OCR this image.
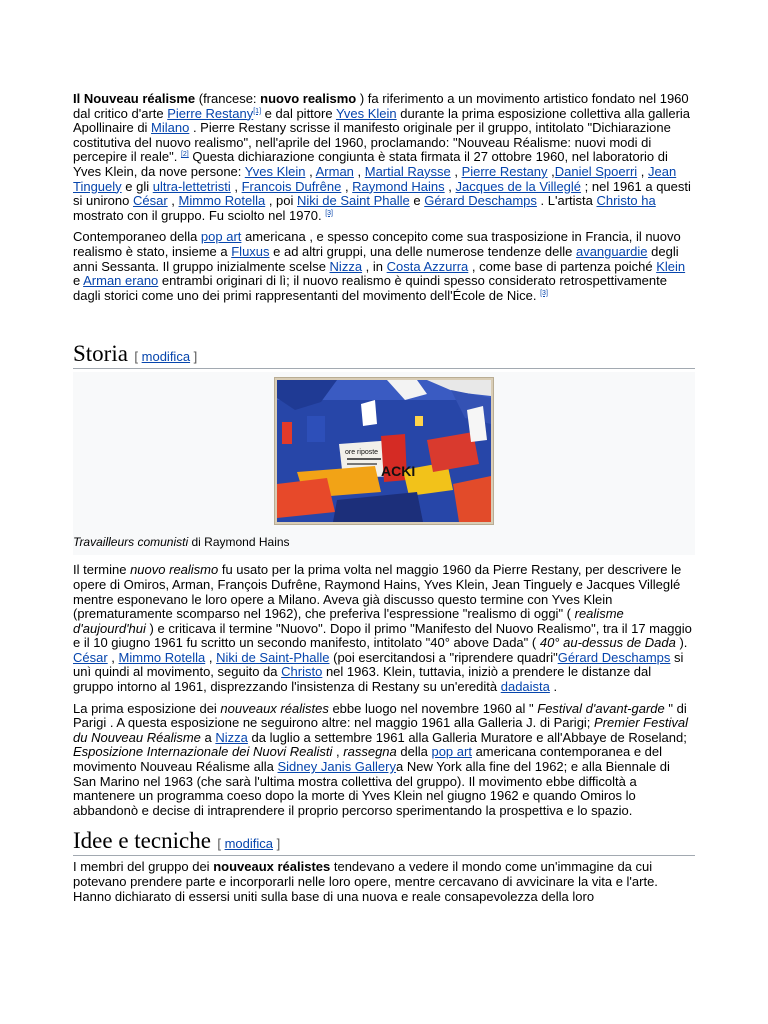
Il Nouveau réalisme (francese: nuovo realismo ) fa riferimento a un movimento artistico fondato nel 1960 dal critico d'arte Pierre Restany[1] e dal pittore Yves Klein durante la prima esposizione collettiva alla galleria Apollinaire di Milano . Pierre Restany scrisse il manifesto originale per il gruppo, intitolato "Dichiarazione costitutiva del nuovo realismo", nell'aprile del 1960, proclamando: "Nouveau Réalisme: nuovi modi di percepire il reale". [2] Questa dichiarazione congiunta è stata firmata il 27 ottobre 1960, nel laboratorio di Yves Klein, da nove persone: Yves Klein , Arman , Martial Raysse , Pierre Restany ,Daniel Spoerri , Jean Tinguely e gli ultra-lettetristi , Francois Dufrêne , Raymond Hains , Jacques de la Villeglé ; nel 1961 a questi si unirono César , Mimmo Rotella , poi Niki de Saint Phalle e Gérard Deschamps . L'artista Christo ha mostrato con il gruppo. Fu sciolto nel 1970. [3]

Contemporaneo della pop art americana , e spesso concepito come sua trasposizione in Francia, il nuovo realismo è stato, insieme a Fluxus e ad altri gruppi, una delle numerose tendenze delle avanguardie degli anni Sessanta. Il gruppo inizialmente scelse Nizza , in Costa Azzurra , come base di partenza poiché Klein e Arman erano entrambi originari di lì; il nuovo realismo è quindi spesso considerato retrospettivamente dagli storici come uno dei primi rappresentanti del movimento dell'École de Nice. [3]

Storia [ modifica ]
ACKI
ore riposte
Travailleurs comunisti di Raymond Hains

Il termine nuovo realismo fu usato per la prima volta nel maggio 1960 da Pierre Restany, per descrivere le opere di Omiros, Arman, François Dufrêne, Raymond Hains, Yves Klein, Jean Tinguely e Jacques Villeglé mentre esponevano le loro opere a Milano. Aveva già discusso questo termine con Yves Klein (prematuramente scomparso nel 1962), che preferiva l'espressione "realismo di oggi" ( realisme d'aujourd'hui ) e criticava il termine "Nuovo". Dopo il primo "Manifesto del Nuovo Realismo", tra il 17 maggio e il 10 giugno 1961 fu scritto un secondo manifesto, intitolato "40° above Dada" ( 40° au-dessus de Dada ). César , Mimmo Rotella , Niki de Saint-Phalle (poi esercitandosi a "riprendere quadri"Gérard Deschamps si unì quindi al movimento, seguito da Christo nel 1963. Klein, tuttavia, iniziò a prendere le distanze dal gruppo intorno al 1961, disprezzando l'insistenza di Restany su un'eredità dadaista .

La prima esposizione dei nouveaux réalistes ebbe luogo nel novembre 1960 al " Festival d'avant-garde " di Parigi . A questa esposizione ne seguirono altre: nel maggio 1961 alla Galleria J. di Parigi; Premier Festival du Nouveau Réalisme a Nizza da luglio a settembre 1961 alla Galleria Muratore e all'Abbaye de Roseland; Esposizione Internazionale dei Nuovi Realisti , rassegna della pop art americana contemporanea e del movimento Nouveau Réalisme alla Sidney Janis Gallerya New York alla fine del 1962; e alla Biennale di San Marino nel 1963 (che sarà l'ultima mostra collettiva del gruppo). Il movimento ebbe difficoltà a mantenere un programma coeso dopo la morte di Yves Klein nel giugno 1962 e quando Omiros lo abbandonò e decise di intraprendere il proprio percorso sperimentando la prospettiva e lo spazio.

Idee e tecniche [ modifica ]

I membri del gruppo dei nouveaux réalistes tendevano a vedere il mondo come un'immagine da cui potevano prendere parte e incorporarli nelle loro opere, mentre cercavano di avvicinare la vita e l'arte. Hanno dichiarato di essersi uniti sulla base di una nuova e reale consapevolezza della loro
